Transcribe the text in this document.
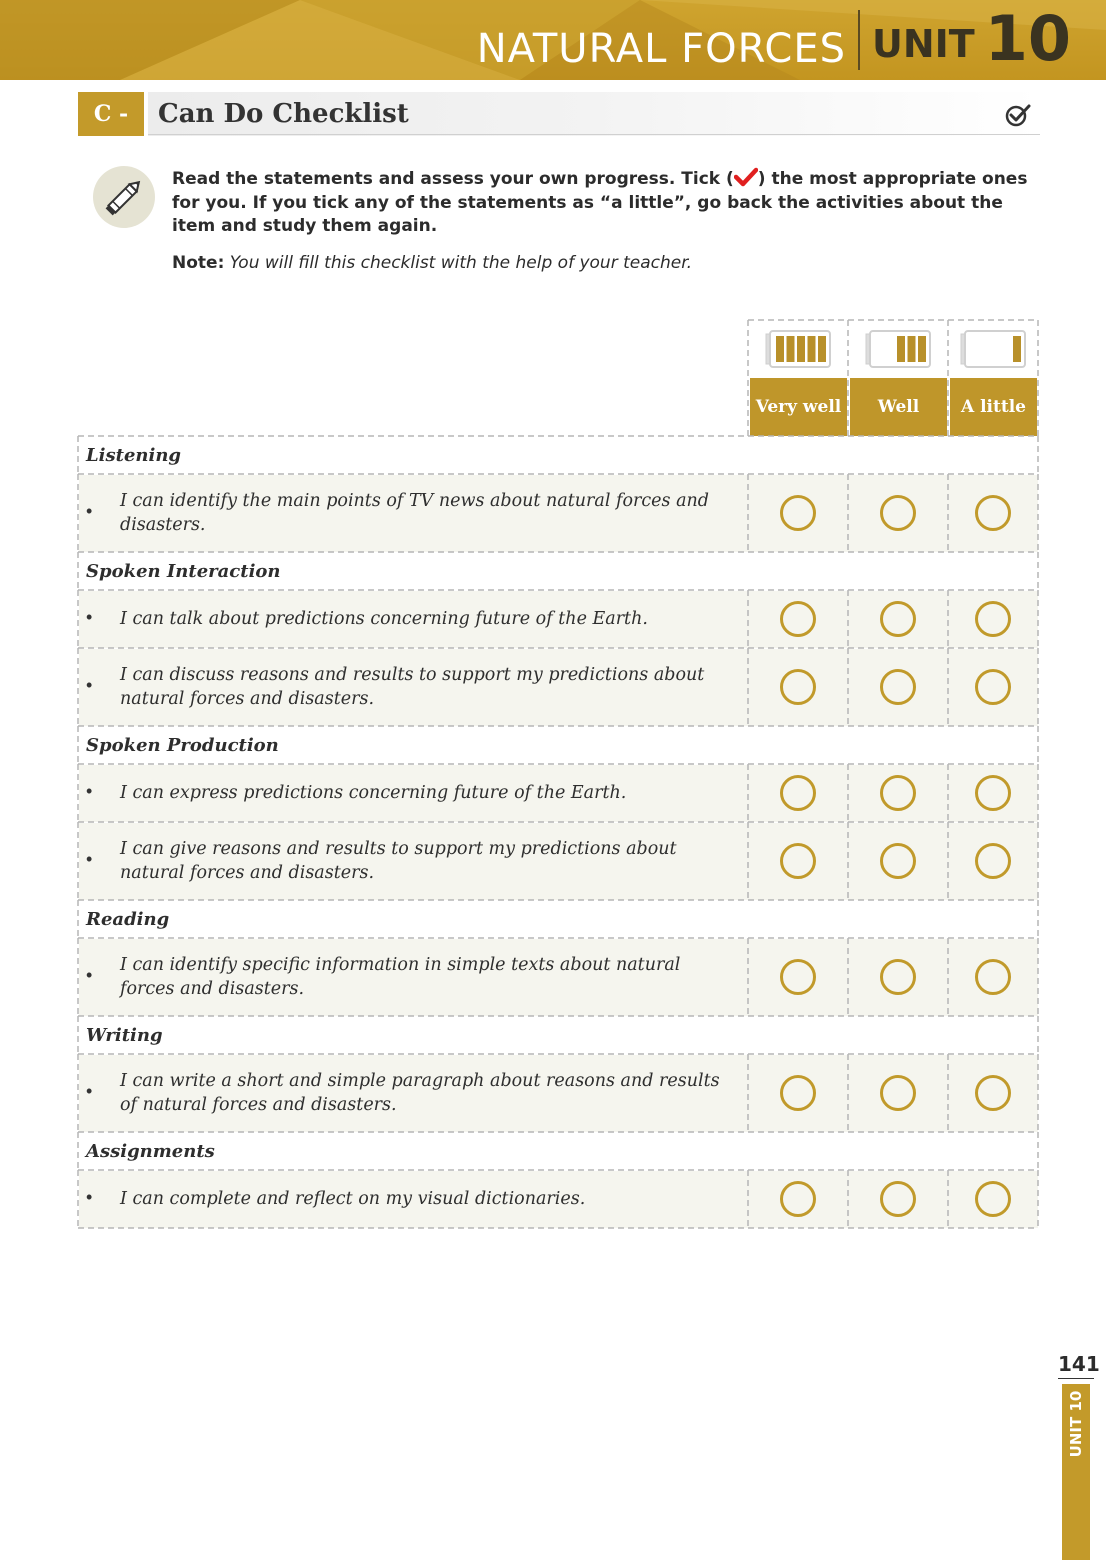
NATURAL FORCES UNIT 10
C - 10
Can Do Checklist
Read the statements and assess your own progress. Tick ( ) the most appropriate ones for you. If you tick any of the statements as “a little”, go back the activities about the item and study them again.
Note: You will fill this checklist with the help of your teacher.
Very well Well A little
Listening
• I can identify the main points of TV news about natural forces and disasters.
Spoken Interaction
• I can talk about predictions concerning future of the Earth.
• I can discuss reasons and results to support my predictions about natural forces and disasters.
Spoken Production
• I can express predictions concerning future of the Earth.
• I can give reasons and results to support my predictions about natural forces and disasters.
Reading
• I can identify specific information in simple texts about natural forces and disasters.
Writing
• I can write a short and simple paragraph about reasons and results of natural forces and disasters.
Assignments
• I can complete and reflect on my visual dictionaries.
141
UNIT 10
